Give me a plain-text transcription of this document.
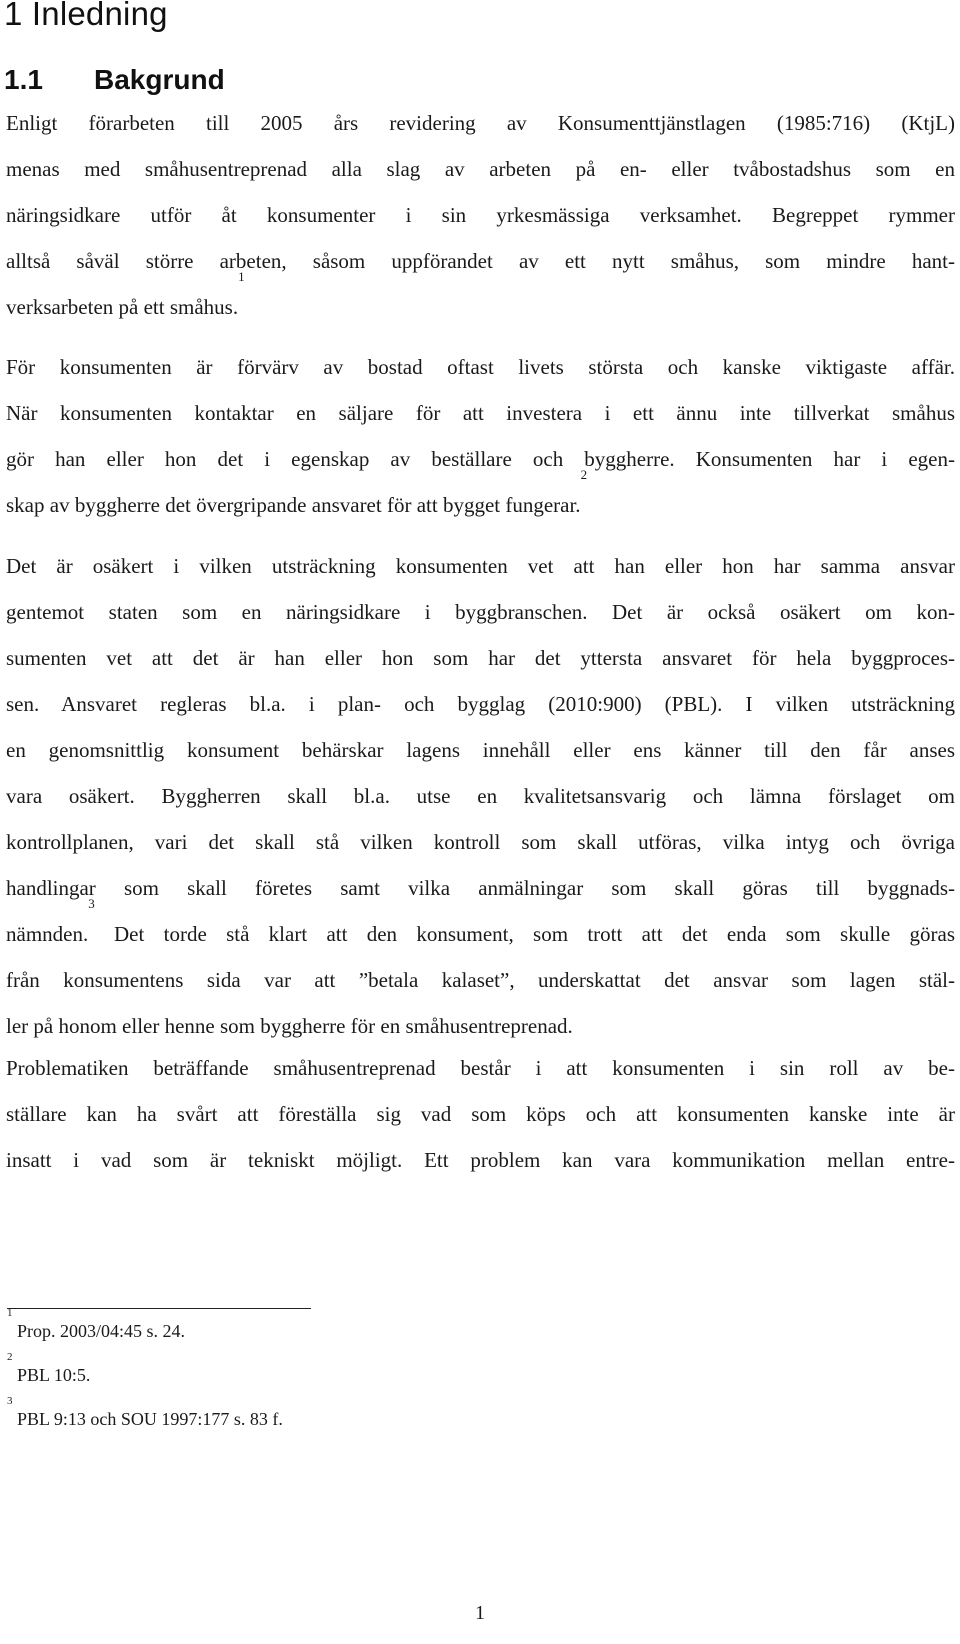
1 Inledning
1.1 Bakgrund
Enligt förarbeten till 2005 års revidering av Konsumenttjänstlagen (1985:716) (KtjL)
menas med småhusentreprenad alla slag av arbeten på en- eller tvåbostadshus som en
näringsidkare utför åt konsumenter i sin yrkesmässiga verksamhet. Begreppet rymmer
alltså såväl större arbeten, såsom uppförandet av ett nytt småhus, som mindre hant-
verksarbeten på ett småhus.$^1$
För konsumenten är förvärv av bostad oftast livets största och kanske viktigaste affär.
När konsumenten kontaktar en säljare för att investera i ett ännu inte tillverkat småhus
gör han eller hon det i egenskap av beställare och byggherre. Konsumenten har i egen-
skap av byggherre det övergripande ansvaret för att bygget fungerar.$^2$
Det är osäkert i vilken utsträckning konsumenten vet att han eller hon har samma ansvar
gentemot staten som en näringsidkare i byggbranschen. Det är också osäkert om kon-
sumenten vet att det är han eller hon som har det yttersta ansvaret för hela byggproces-
sen. Ansvaret regleras bl.a. i plan- och bygglag (2010:900) (PBL). I vilken utsträckning
en genomsnittlig konsument behärskar lagens innehåll eller ens känner till den får anses
vara osäkert. Byggherren skall bl.a. utse en kvalitetsansvarig och lämna förslaget om
kontrollplanen, vari det skall stå vilken kontroll som skall utföras, vilka intyg och övriga
handlingar som skall företes samt vilka anmälningar som skall göras till byggnads-
nämnden.$^3$ Det torde stå klart att den konsument, som trott att det enda som skulle göras
från konsumentens sida var att ”betala kalaset”, underskattat det ansvar som lagen stäl-
ler på honom eller henne som byggherre för en småhusentreprenad.
Problematiken beträffande småhusentreprenad består i att konsumenten i sin roll av be-
ställare kan ha svårt att föreställa sig vad som köps och att konsumenten kanske inte är
insatt i vad som är tekniskt möjligt. Ett problem kan vara kommunikation mellan entre-
$^1$ Prop. 2003/04:45 s. 24.
$^2$ PBL 10:5.
$^3$ PBL 9:13 och SOU 1997:177 s. 83 f.
1
